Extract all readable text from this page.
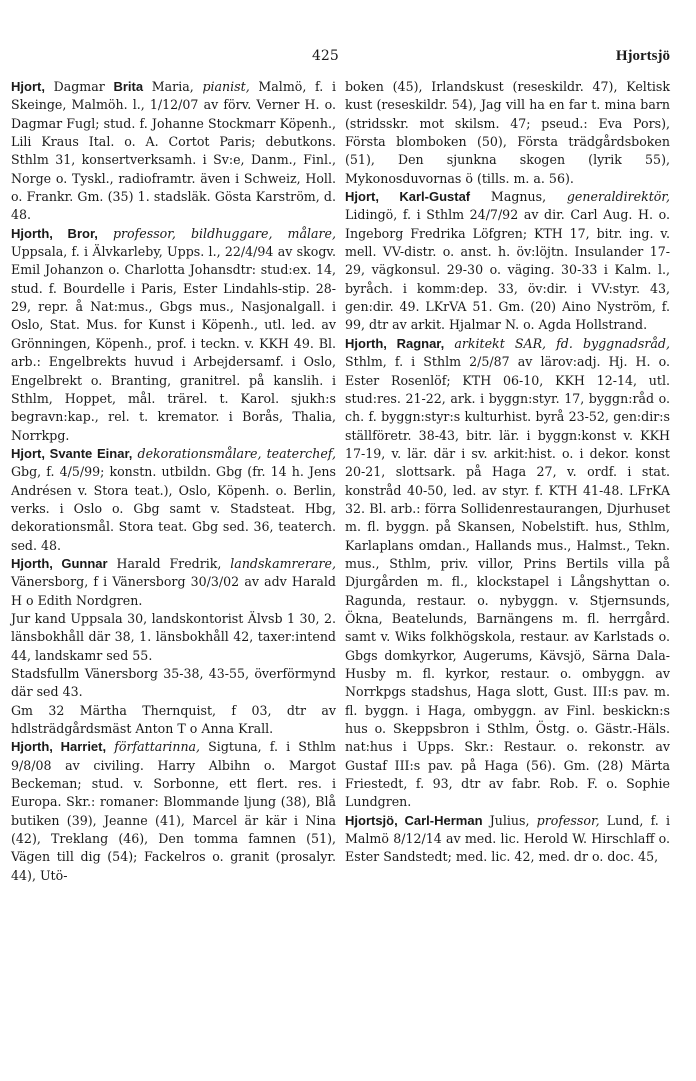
425	Hjortsjö

Hjort, Dagmar Brita Maria, pianist, Malmö, f. i Skeinge, Malmöh. l., 1/12/07 av förv. Verner H. o. Dagmar Fugl; stud. f. Johanne Stockmarr Köpenh., Lili Kraus Ital. o. A. Cortot Paris; debutkons. Sthlm 31, konsertverksamh. i Sv:e, Danm., Finl., Norge o. Tyskl., radioframtr. även i Schweiz, Holl. o. Frankr. Gm. (35) 1. stadsläk. Gösta Karström, d. 48.

Hjorth, Bror, professor, bildhuggare, målare, Uppsala, f. i Älvkarleby, Upps. l., 22/4/94 av skogv. Emil Johanzon o. Charlotta Johansdtr: stud:ex. 14, stud. f. Bourdelle i Paris, Ester Lindahls-stip. 28-29, repr. å Nat:mus., Gbgs mus., Nasjonalgall. i Oslo, Stat. Mus. for Kunst i Köpenh., utl. led. av Grönningen, Köpenh., prof. i teckn. v. KKH 49. Bl. arb.: Engelbrekts huvud i Arbejdersamf. i Oslo, Engelbrekt o. Branting, granitrel. på kanslih. i Sthlm, Hoppet, mål. trärel. t. Karol. sjukh:s begravn:kap., rel. t. kremator. i Borås, Thalia, Norrkpg.

Hjort, Svante Einar, dekorationsmålare, teaterchef, Gbg, f. 4/5/99; konstn. utbildn. Gbg (fr. 14 h. Jens Andrésen v. Stora teat.), Oslo, Köpenh. o. Berlin, verks. i Oslo o. Gbg samt v. Stadsteat. Hbg, dekorationsmål. Stora teat. Gbg sed. 36, teaterch. sed. 48.

Hjorth, Gunnar Harald Fredrik, landskamrerare, Vänersborg, f i Vänersborg 30/3/02 av adv Harald H o Edith Nordgren.

Jur kand Uppsala 30, landskontorist Älvsb 1 30, 2. länsbokhåll där 38, 1. länsbokhåll 42, taxer:intend 44, landskamr sed 55.

Stadsfullm Vänersborg 35-38, 43-55, överförmynd där sed 43.

Gm 32 Märtha Thernquist, f 03, dtr av hdlsträdgårdsmäst Anton T o Anna Krall.

Hjorth, Harriet, författarinna, Sigtuna, f. i Sthlm 9/8/08 av civiling. Harry Albihn o. Margot Beckeman; stud. v. Sorbonne, ett flert. res. i Europa. Skr.: romaner: Blommande ljung (38), Blå butiken (39), Jeanne (41), Marcel är kär i Nina (42), Treklang (46), Den tomma famnen (51), Vägen till dig (54); Fackelros o. granit (prosalyr. 44), Utö-

boken (45), Irlandskust (reseskildr. 47), Keltisk kust (reseskildr. 54), Jag vill ha en far t. mina barn (stridsskr. mot skilsm. 47; pseud.: Eva Pors), Första blomboken (50), Första trädgårdsboken (51), Den sjunkna skogen (lyrik 55), Mykonosduvornas ö (tills. m. a. 56).

Hjort, Karl-Gustaf Magnus, generaldirektör, Lidingö, f. i Sthlm 24/7/92 av dir. Carl Aug. H. o. Ingeborg Fredrika Löfgren; KTH 17, bitr. ing. v. mell. VV-distr. o. anst. h. öv:löjtn. Insulander 17-29, vägkonsul. 29-30 o. väging. 30-33 i Kalm. l., byråch. i komm:dep. 33, öv:dir. i VV:styr. 43, gen:dir. 49. LKrVA 51. Gm. (20) Aino Nyström, f. 99, dtr av arkit. Hjalmar N. o. Agda Hollstrand.

Hjorth, Ragnar, arkitekt SAR, fd. byggnadsråd, Sthlm, f. i Sthlm 2/5/87 av lärov:adj. Hj. H. o. Ester Rosenlöf; KTH 06-10, KKH 12-14, utl. stud:res. 21-22, ark. i byggn:styr. 17, byggn:råd o. ch. f. byggn:styr:s kulturhist. byrå 23-52, gen:dir:s ställföretr. 38-43, bitr. lär. i byggn:konst v. KKH 17-19, v. lär. där i sv. arkit:hist. o. i dekor. konst 20-21, slottsark. på Haga 27, v. ordf. i stat. konstråd 40-50, led. av styr. f. KTH 41-48. LFrKA 32. Bl. arb.: förra Sollidenrestaurangen, Djurhuset m. fl. byggn. på Skansen, Nobelstift. hus, Sthlm, Karlaplans omdan., Hallands mus., Halmst., Tekn. mus., Sthlm, priv. villor, Prins Bertils villa på Djurgården m. fl., klockstapel i Långshyttan o. Ragunda, restaur. o. nybyggn. v. Stjernsunds, Ökna, Beatelunds, Barnängens m. fl. herrgård. samt v. Wiks folkhögskola, restaur. av Karlstads o. Gbgs domkyrkor, Augerums, Kävsjö, Särna Dala-Husby m. fl. kyrkor, restaur. o. ombyggn. av Norrkpgs stadshus, Haga slott, Gust. III:s pav. m. fl. byggn. i Haga, ombyggn. av Finl. beskickn:s hus o. Skeppsbron i Sthlm, Östg. o. Gästr.-Häls. nat:hus i Upps. Skr.: Restaur. o. rekonstr. av Gustaf III:s pav. på Haga (56). Gm. (28) Märta Friestedt, f. 93, dtr av fabr. Rob. F. o. Sophie Lundgren.

Hjortsjö, Carl-Herman Julius, professor, Lund, f. i Malmö 8/12/14 av med. lic. Herold W. Hirschlaff o. Ester Sandstedt; med. lic. 42, med. dr o. doc. 45,
